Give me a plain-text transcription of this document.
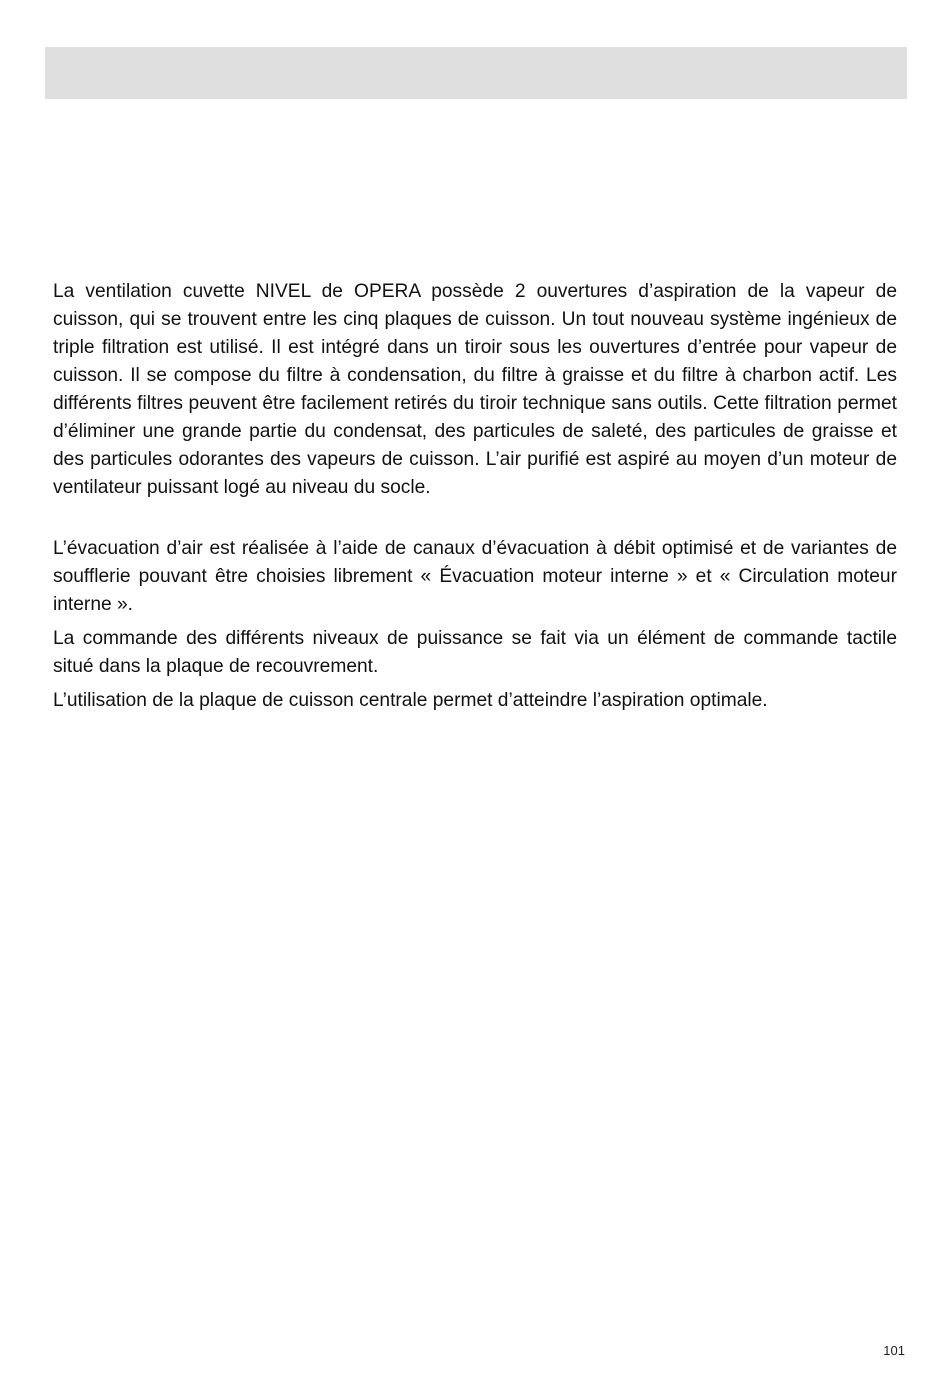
La ventilation cuvette NIVEL de OPERA possède 2 ouvertures d’aspiration de la vapeur de cuisson, qui se trouvent entre les cinq plaques de cuisson. Un tout nouveau système ingénieux de triple filtration est utilisé. Il est intégré dans un tiroir sous les ouvertures d’entrée pour vapeur de cuisson. Il se compose du filtre à condensation, du filtre à graisse et du filtre à charbon actif. Les différents filtres peuvent être facilement retirés du tiroir technique sans outils. Cette filtration permet d’éliminer une grande partie du condensat, des particules de saleté, des particules de graisse et des particules odorantes des vapeurs de cuisson. L’air purifié est aspiré au moyen d’un moteur de ventilateur puissant logé au niveau du socle.

L’évacuation d’air est réalisée à l’aide de canaux d’évacuation à débit optimisé et de variantes de soufflerie pouvant être choisies librement « Évacuation moteur interne » et « Circulation moteur interne ».

La commande des différents niveaux de puissance se fait via un élément de commande tactile situé dans la plaque de recouvrement.

L’utilisation de la plaque de cuisson centrale permet d’atteindre l’aspiration optimale.

101
